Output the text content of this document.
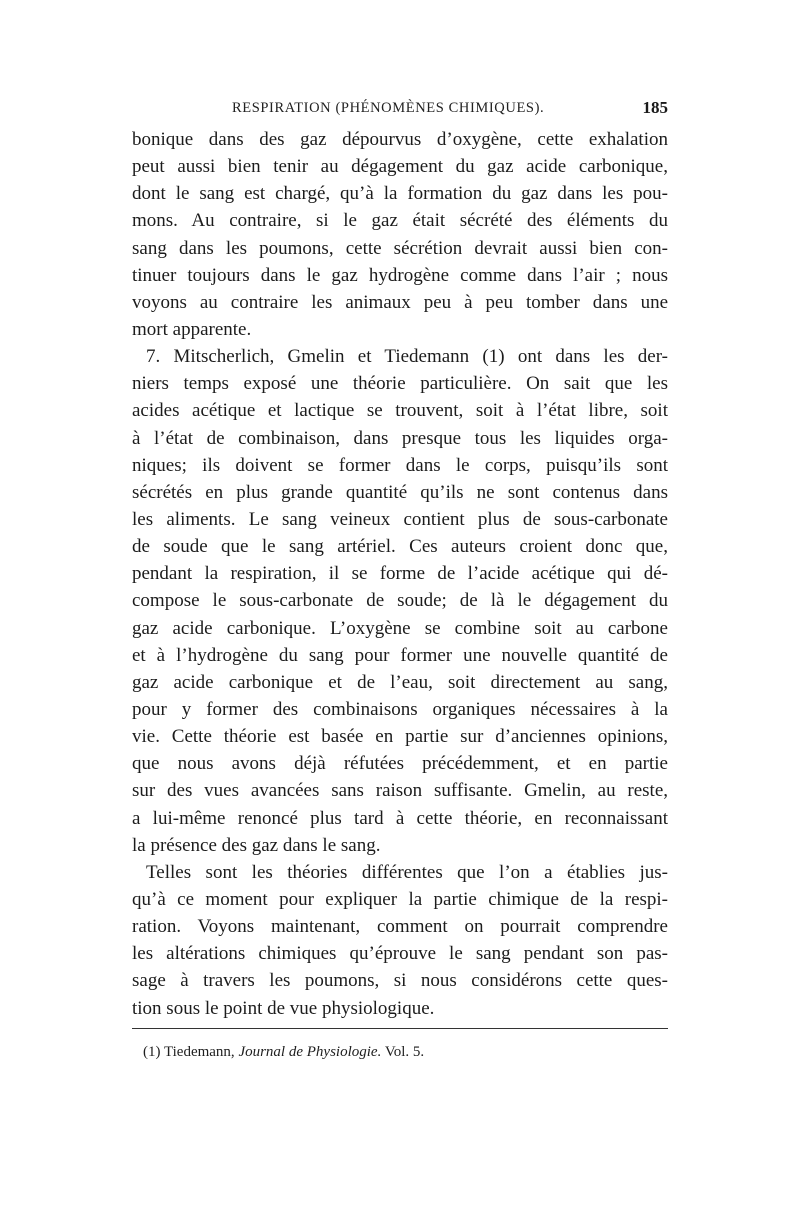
RESPIRATION (PHÉNOMÈNES CHIMIQUES).	185
bonique dans des gaz dépourvus d’oxygène, cette exhalation
peut aussi bien tenir au dégagement du gaz acide carbonique,
dont le sang est chargé, qu’à la formation du gaz dans les pou-
mons. Au contraire, si le gaz était sécrété des éléments du
sang dans les poumons, cette sécrétion devrait aussi bien con-
tinuer toujours dans le gaz hydrogène comme dans l’air ; nous
voyons au contraire les animaux peu à peu tomber dans une
mort apparente.
7. Mitscherlich, Gmelin et Tiedemann (1) ont dans les der-
niers temps exposé une théorie particulière. On sait que les
acides acétique et lactique se trouvent, soit à l’état libre, soit
à l’état de combinaison, dans presque tous les liquides orga-
niques; ils doivent se former dans le corps, puisqu’ils sont
sécrétés en plus grande quantité qu’ils ne sont contenus dans
les aliments. Le sang veineux contient plus de sous-carbonate
de soude que le sang artériel. Ces auteurs croient donc que,
pendant la respiration, il se forme de l’acide acétique qui dé-
compose le sous-carbonate de soude; de là le dégagement du
gaz acide carbonique. L’oxygène se combine soit au carbone
et à l’hydrogène du sang pour former une nouvelle quantité de
gaz acide carbonique et de l’eau, soit directement au sang,
pour y former des combinaisons organiques nécessaires à la
vie. Cette théorie est basée en partie sur d’anciennes opinions,
que nous avons déjà réfutées précédemment, et en partie
sur des vues avancées sans raison suffisante. Gmelin, au reste,
a lui-même renoncé plus tard à cette théorie, en reconnaissant
la présence des gaz dans le sang.
Telles sont les théories différentes que l’on a établies jus-
qu’à ce moment pour expliquer la partie chimique de la respi-
ration. Voyons maintenant, comment on pourrait comprendre
les altérations chimiques qu’éprouve le sang pendant son pas-
sage à travers les poumons, si nous considérons cette ques-
tion sous le point de vue physiologique.
(1) Tiedemann, Journal de Physiologie. Vol. 5.
